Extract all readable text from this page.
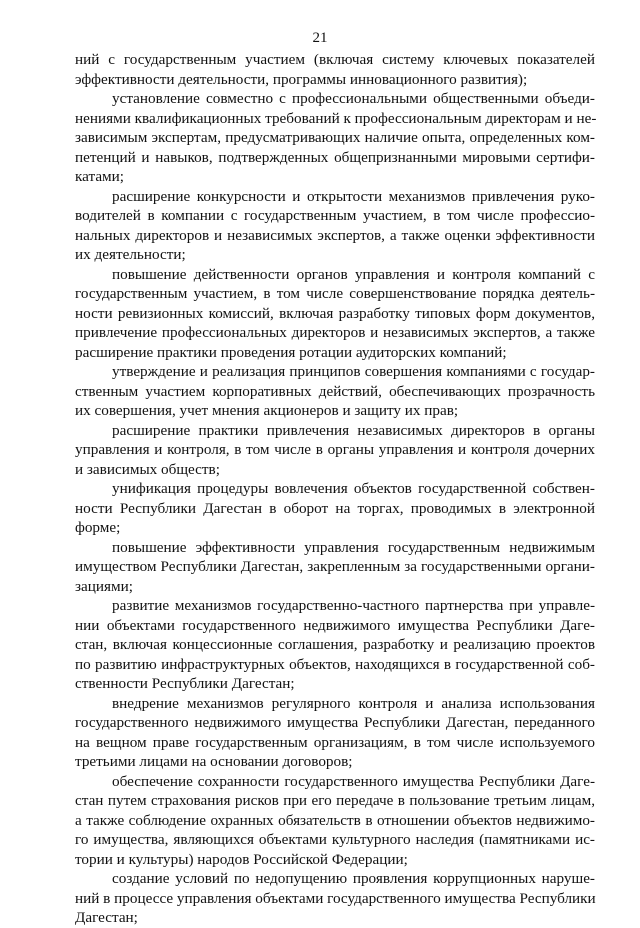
21
ний с государственным участием (включая систему ключевых показателей
эффективности деятельности, программы инновационного развития);
установление совместно с профессиональными общественными объеди-
нениями квалификационных требований к профессиональным директорам и не-
зависимым экспертам, предусматривающих наличие опыта, определенных ком-
петенций и навыков, подтвержденных общепризнанными мировыми сертифи-
катами;
расширение конкурсности и открытости механизмов привлечения руко-
водителей в компании с государственным участием, в том числе профессио-
нальных директоров и независимых экспертов, а также оценки эффективности
их деятельности;
повышение действенности органов управления и контроля компаний с
государственным участием, в том числе совершенствование порядка деятель-
ности ревизионных комиссий, включая разработку типовых форм документов,
привлечение профессиональных директоров и независимых экспертов, а также
расширение практики проведения ротации аудиторских компаний;
утверждение и реализация принципов совершения компаниями с государ-
ственным участием корпоративных действий, обеспечивающих прозрачность
их совершения, учет мнения акционеров и защиту их прав;
расширение практики привлечения независимых директоров в органы
управления и контроля, в том числе в органы управления и контроля дочерних
и зависимых обществ;
унификация процедуры вовлечения объектов государственной собствен-
ности Республики Дагестан в оборот на торгах, проводимых в электронной
форме;
повышение эффективности управления государственным недвижимым
имуществом Республики Дагестан, закрепленным за государственными органи-
зациями;
развитие механизмов государственно-частного партнерства при управле-
нии объектами государственного недвижимого имущества Республики Даге-
стан, включая концессионные соглашения, разработку и реализацию проектов
по развитию инфраструктурных объектов, находящихся в государственной соб-
ственности Республики Дагестан;
внедрение механизмов регулярного контроля и анализа использования
государственного недвижимого имущества Республики Дагестан, переданного
на вещном праве государственным организациям, в том числе используемого
третьими лицами на основании договоров;
обеспечение сохранности государственного имущества Республики Даге-
стан путем страхования рисков при его передаче в пользование третьим лицам,
а также соблюдение охранных обязательств в отношении объектов недвижимо-
го имущества, являющихся объектами культурного наследия (памятниками ис-
тории и культуры) народов Российской Федерации;
создание условий по недопущению проявления коррупционных наруше-
ний в процессе управления объектами государственного имущества Республики
Дагестан;
